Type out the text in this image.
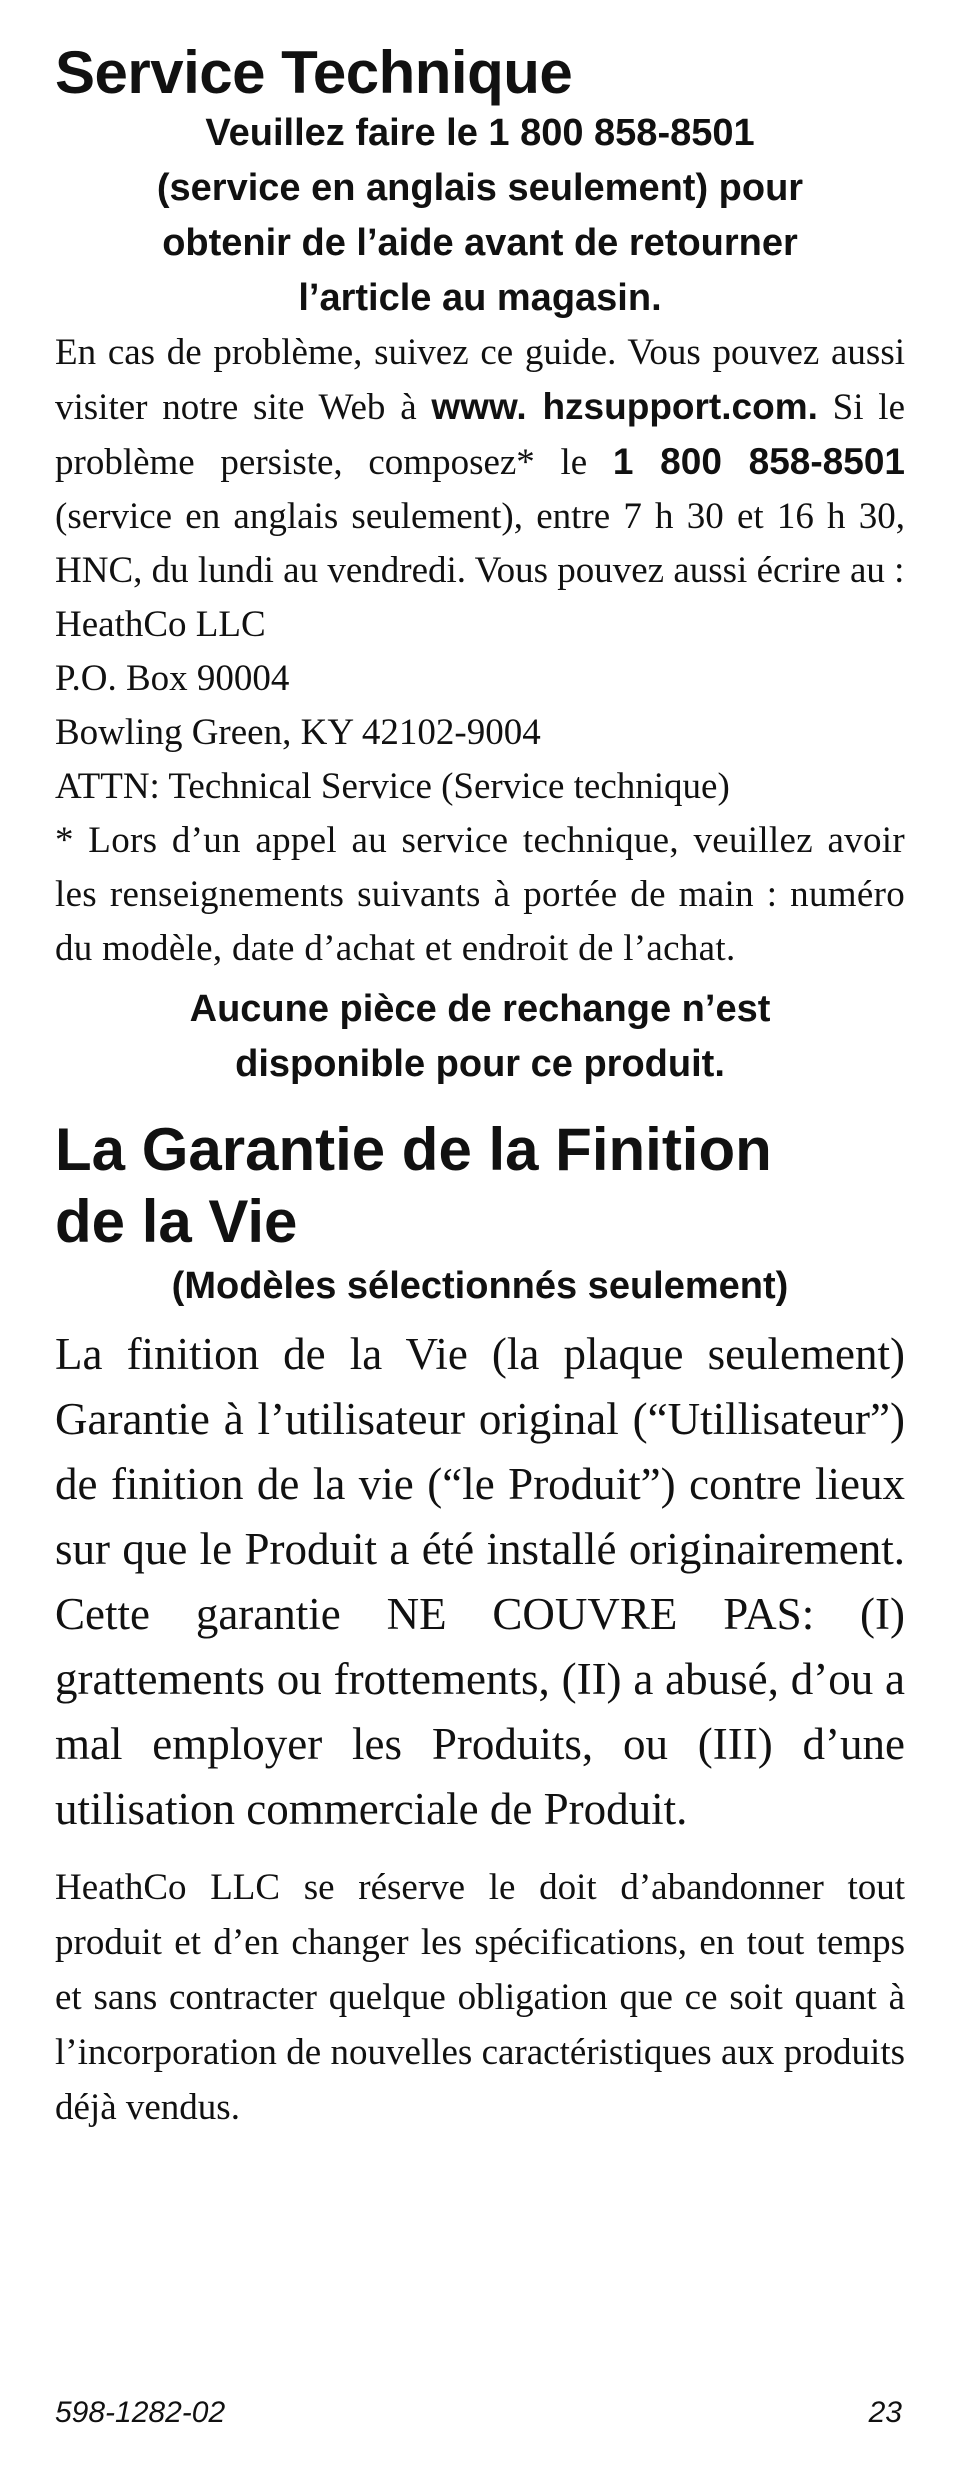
Service Technique
Veuillez faire le 1 800 858-8501
(service en anglais seulement) pour
obtenir de l’aide avant de retourner
l’article au magasin.

En cas de problème, suivez ce guide. Vous pouvez aussi visiter notre site Web à www. hzsupport.com. Si le problème persiste, composez* le 1 800 858-8501 (service en anglais seulement), entre 7 h 30 et 16 h 30, HNC, du lundi au vendredi. Vous pouvez aussi écrire au :

HeathCo LLC
P.O. Box 90004
Bowling Green, KY 42102-9004
ATTN: Technical Service (Service technique)

* Lors d’un appel au service technique, veuillez avoir les renseignements suivants à portée de main : numéro du modèle, date d’achat et endroit de l’achat.

Aucune pièce de rechange n’est
disponible pour ce produit.
La Garantie de la Finition
de la Vie
(Modèles sélectionnés seulement)

La finition de la Vie (la plaque seulement) Garantie à l’utilisateur original (“Utillisateur”) de finition de la vie (“le Produit”) contre lieux sur que le Produit a été installé originairement. Cette garantie NE COUVRE PAS: (I) grattements ou frottements, (II) a abusé, d’ou a mal employer les Produits, ou (III) d’une utilisation commerciale de Produit.

HeathCo LLC se réserve le doit d’abandonner tout produit et d’en changer les spécifications, en tout temps et sans contracter quelque obligation que ce soit quant à l’incorporation de nouvelles caractéristiques aux produits déjà vendus.

598-1282-02	23
